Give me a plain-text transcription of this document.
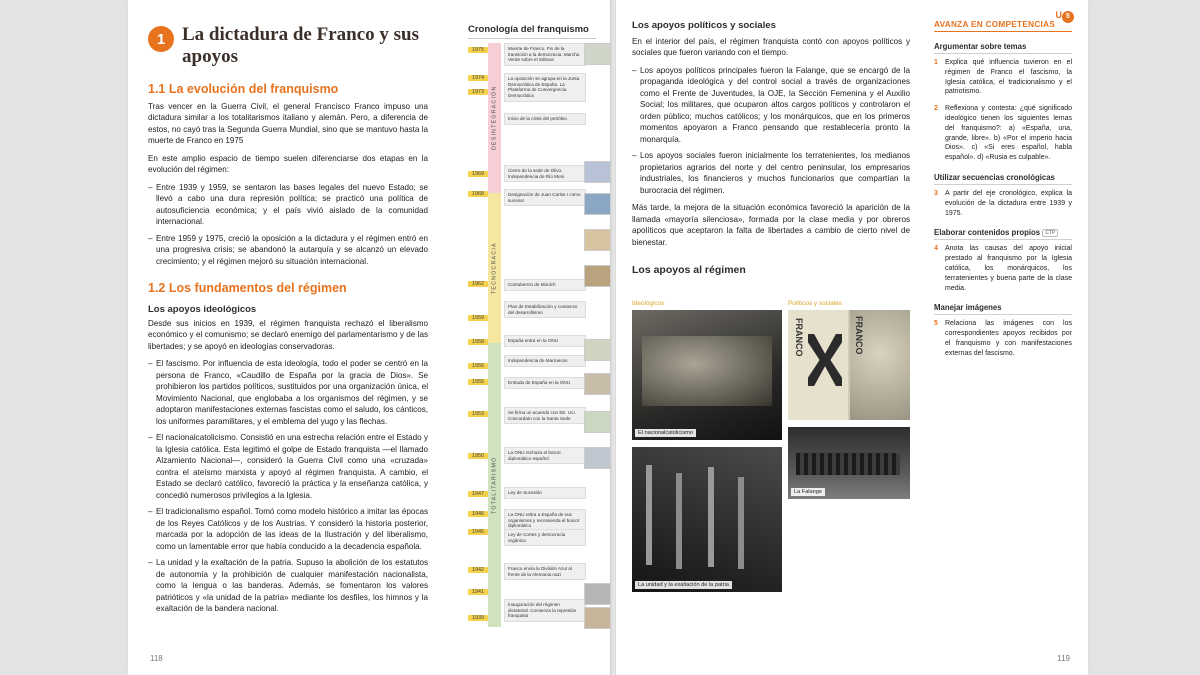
1 La dictadura de Franco y sus apoyos
1.1 La evolución del franquismo

Tras vencer en la Guerra Civil, el general Francisco Franco impuso una dictadura similar a los totalitarismos italiano y alemán. Pero, a diferencia de estos, no cayó tras la Segunda Guerra Mundial, sino que se mantuvo hasta la muerte de Franco en 1975

En este amplio espacio de tiempo suelen diferenciarse dos etapas en la evolución del régimen:

– Entre 1939 y 1959, se sentaron las bases legales del nuevo Estado; se llevó a cabo una dura represión política; se practicó una política de autosuficiencia económica; y el país vivió aislado de la comunidad internacional.
– Entre 1959 y 1975, creció la oposición a la dictadura y el régimen entró en una progresiva crisis; se abandonó la autarquía y se alcanzó un elevado crecimiento; y el régimen mejoró su situación internacional.
1.2 Los fundamentos del régimen
Los apoyos ideológicos

Desde sus inicios en 1939, el régimen franquista rechazó el liberalismo económico y el comunismo; se declaró enemigo del parlamentarismo y de las libertades; y se apoyó en ideologías conservadoras.

– El fascismo. Por influencia de esta ideología, todo el poder se centró en la persona de Franco, «Caudillo de España por la gracia de Dios». Se prohibieron los partidos políticos, sustituidos por una organización única, el Movimiento Nacional, que englobaba a los organismos del régimen, y se adoptaron manifestaciones externas fascistas como el saludo, los cánticos, los uniformes paramilitares, y el emblema del yugo y las flechas.
– El nacionalcatolicismo. Consistió en una estrecha relación entre el Estado y la Iglesia católica. Esta legitimó el golpe de Estado franquista —el llamado Alzamiento Nacional—, consideró la Guerra Civil como una «cruzada» contra el ateísmo marxista y apoyó al régimen franquista. A cambio, el Estado se declaró católico, favoreció la práctica y la enseñanza católica, y concedió numerosos privilegios a la Iglesia.
– El tradicionalismo español. Tomó como modelo histórico a imitar las épocas de los Reyes Católicos y de los Austrias. Y consideró la historia posterior, marcada por la adopción de las ideas de la Ilustración y del liberalismo, como un lamentable error que había conducido a la decadencia española.
– La unidad y la exaltación de la patria. Supuso la abolición de los estatutos de autonomía y la prohibición de cualquier manifestación nacionalista, como la lengua o las banderas. Además, se fomentaron los valores patrióticos y «la unidad de la patria» mediante los desfiles, los himnos y la exaltación de la bandera nacional.
Cronología del franquismo
1975
1974
1973
1969
1968
1962
1959
1958
1956
1955
1953
1950
1947
1946
1945
1942
1941
1939
DESINTEGRACIÓN
TECNOCRACIA
TOTALITARISMO
Muerte de Franco. Fin de la transición a la democracia. Marcha Verde sobre el Sáhara
La oposición se agrupa en la Junta Democrática de España. La Plataforma de Convergencia Democrática
Inicio de la crisis del petróleo
Cierre de la sede de Olivo. Independencia de Río Muni
Designación de Juan Carlos I como sucesor
Contubernio de Múnich
Plan de Estabilización y comienzo del desarrollismo
España entra en la ONU
Independencia de Marruecos
Entrada de España en la ONU
Se firma un acuerdo con EE. UU. Concordato con la Santa Sede
La ONU rechaza el boicot diplomático español
Ley de Sucesión
La ONU retira a España de sus organismos y recomienda el boicot diplomático
Ley de Cortes y democracia orgánica
Franco envía la División Azul al frente de la Alemania nazi
Inauguración del régimen dictatorial. Comienza la represión franquista
118
U 5
Los apoyos políticos y sociales

En el interior del país, el régimen franquista contó con apoyos políticos y sociales que fueron variando con el tiempo.

– Los apoyos políticos principales fueron la Falange, que se encargó de la propaganda ideológica y del control social a través de organizaciones como el Frente de Juventudes, la OJE, la Sección Femenina y el Auxilio Social; los militares, que ocuparon altos cargos políticos y controlaron el orden público; muchos católicos; y los monárquicos, que en los primeros momentos apoyaron a Franco pensando que restablecería pronto la monarquía.
– Los apoyos sociales fueron inicialmente los terratenientes, los medianos propietarios agrarios del norte y del centro peninsular, los empresarios industriales, los financieros y muchos funcionarios que compartían la burocracia del régimen.

Más tarde, la mejora de la situación económica favoreció la aparición de la llamada «mayoría silenciosa», formada por la clase media y por obreros apolíticos que aceptaron la falta de libertades a cambio de cierto nivel de bienestar.

Los apoyos al régimen
Ideológicos
El nacionalcatolicismo
La unidad y la exaltación de la patria
Políticos y sociales
FRANCO	FRANCO
La Falange
AVANZA EN COMPETENCIAS
Argumentar sobre temas
Explica qué influencia tuvieron en el régimen de Franco el fascismo, la Iglesia católica, el tradicionalismo y el patriotismo.
Reflexiona y contesta: ¿qué significado ideológico tienen los siguientes lemas del franquismo?: a) «España, una, grande, libre». b) «Por el imperio hacia Dios». c) «Si eres español, habla español». d) «Rusia es culpable».
Utilizar secuencias cronológicas
A partir del eje cronológico, explica la evolución de la dictadura entre 1939 y 1975.
Elaborar contenidos propios CTP
Anota las causas del apoyo inicial prestado al franquismo por la Iglesia católica, los monárquicos, los terratenientes y buena parte de la clase media.
Manejar imágenes
Relaciona las imágenes con los correspondientes apoyos recibidos por el franquismo y con manifestaciones externas del fascismo.
119
